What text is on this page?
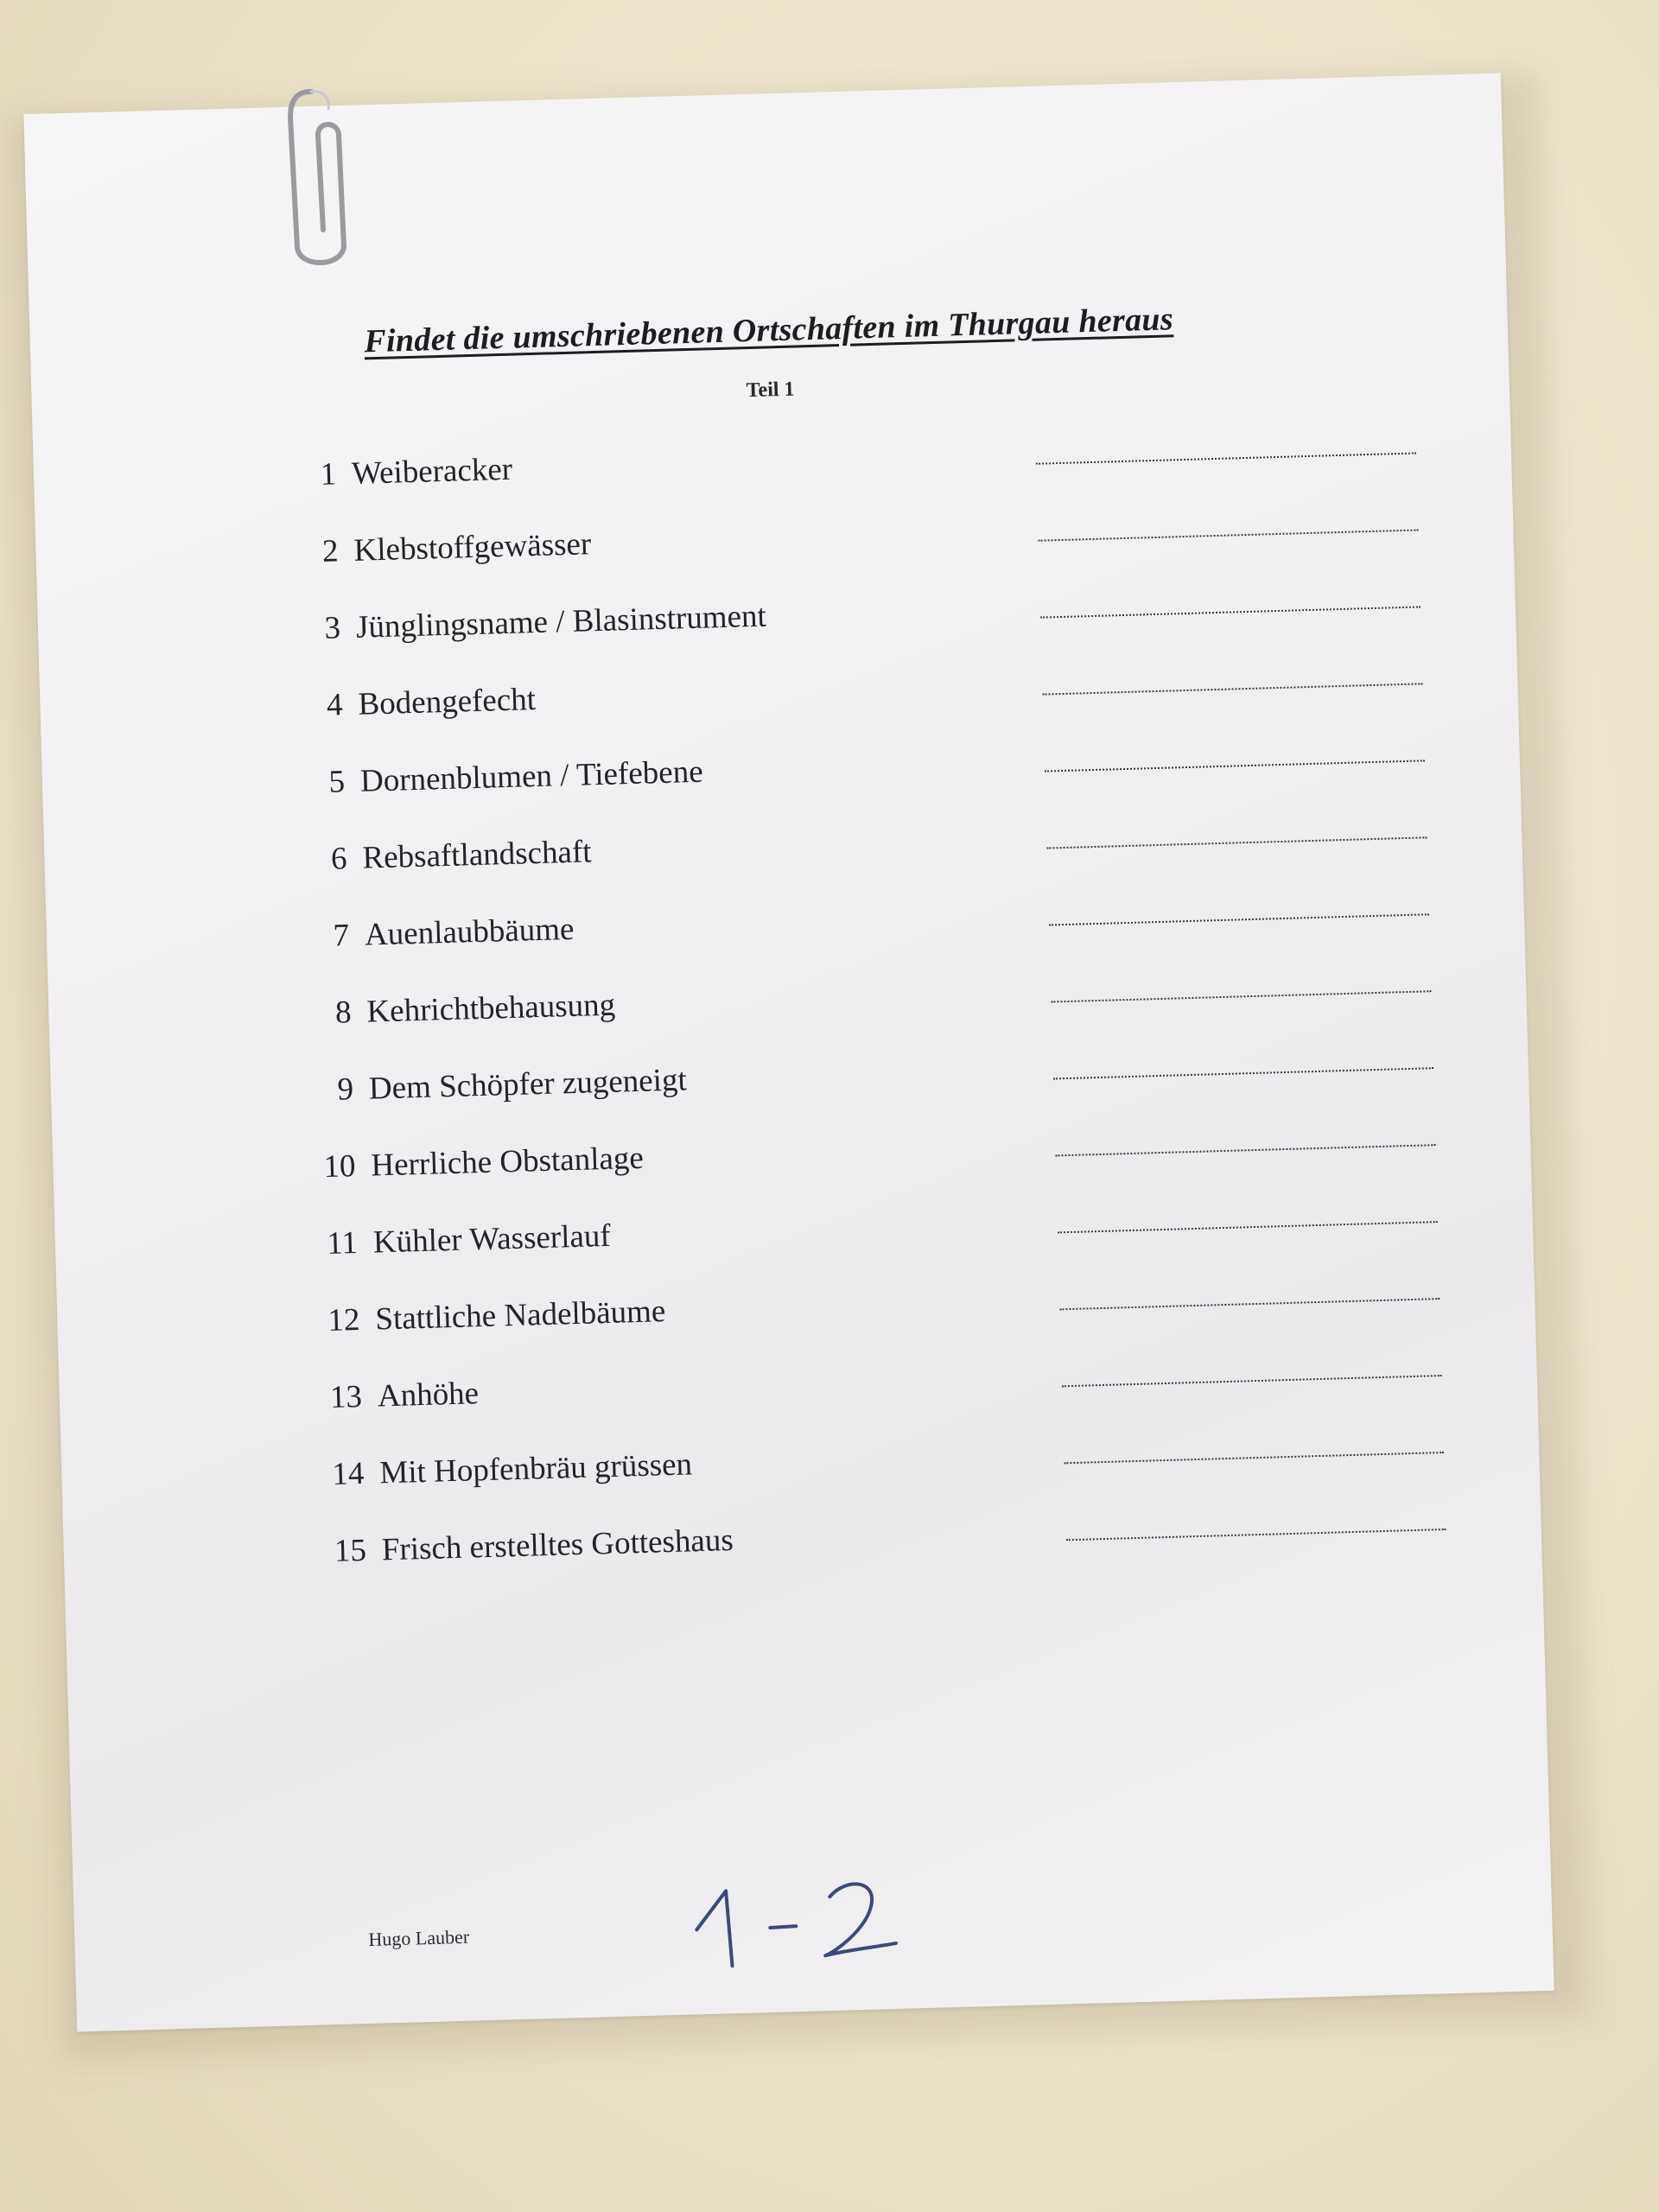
Findet die umschriebenen Ortschaften im Thurgau heraus
Teil 1
1 Weiberacker
2 Klebstoffgewässer
3 Jünglingsname / Blasinstrument
4 Bodengefecht
5 Dornenblumen / Tiefebene
6 Rebsaftlandschaft
7 Auenlaubbäume
8 Kehrichtbehausung
9 Dem Schöpfer zugeneigt
10 Herrliche Obstanlage
11 Kühler Wasserlauf
12 Stattliche Nadelbäume
13 Anhöhe
14 Mit Hopfenbräu grüssen
15 Frisch erstelltes Gotteshaus
Hugo Lauber
